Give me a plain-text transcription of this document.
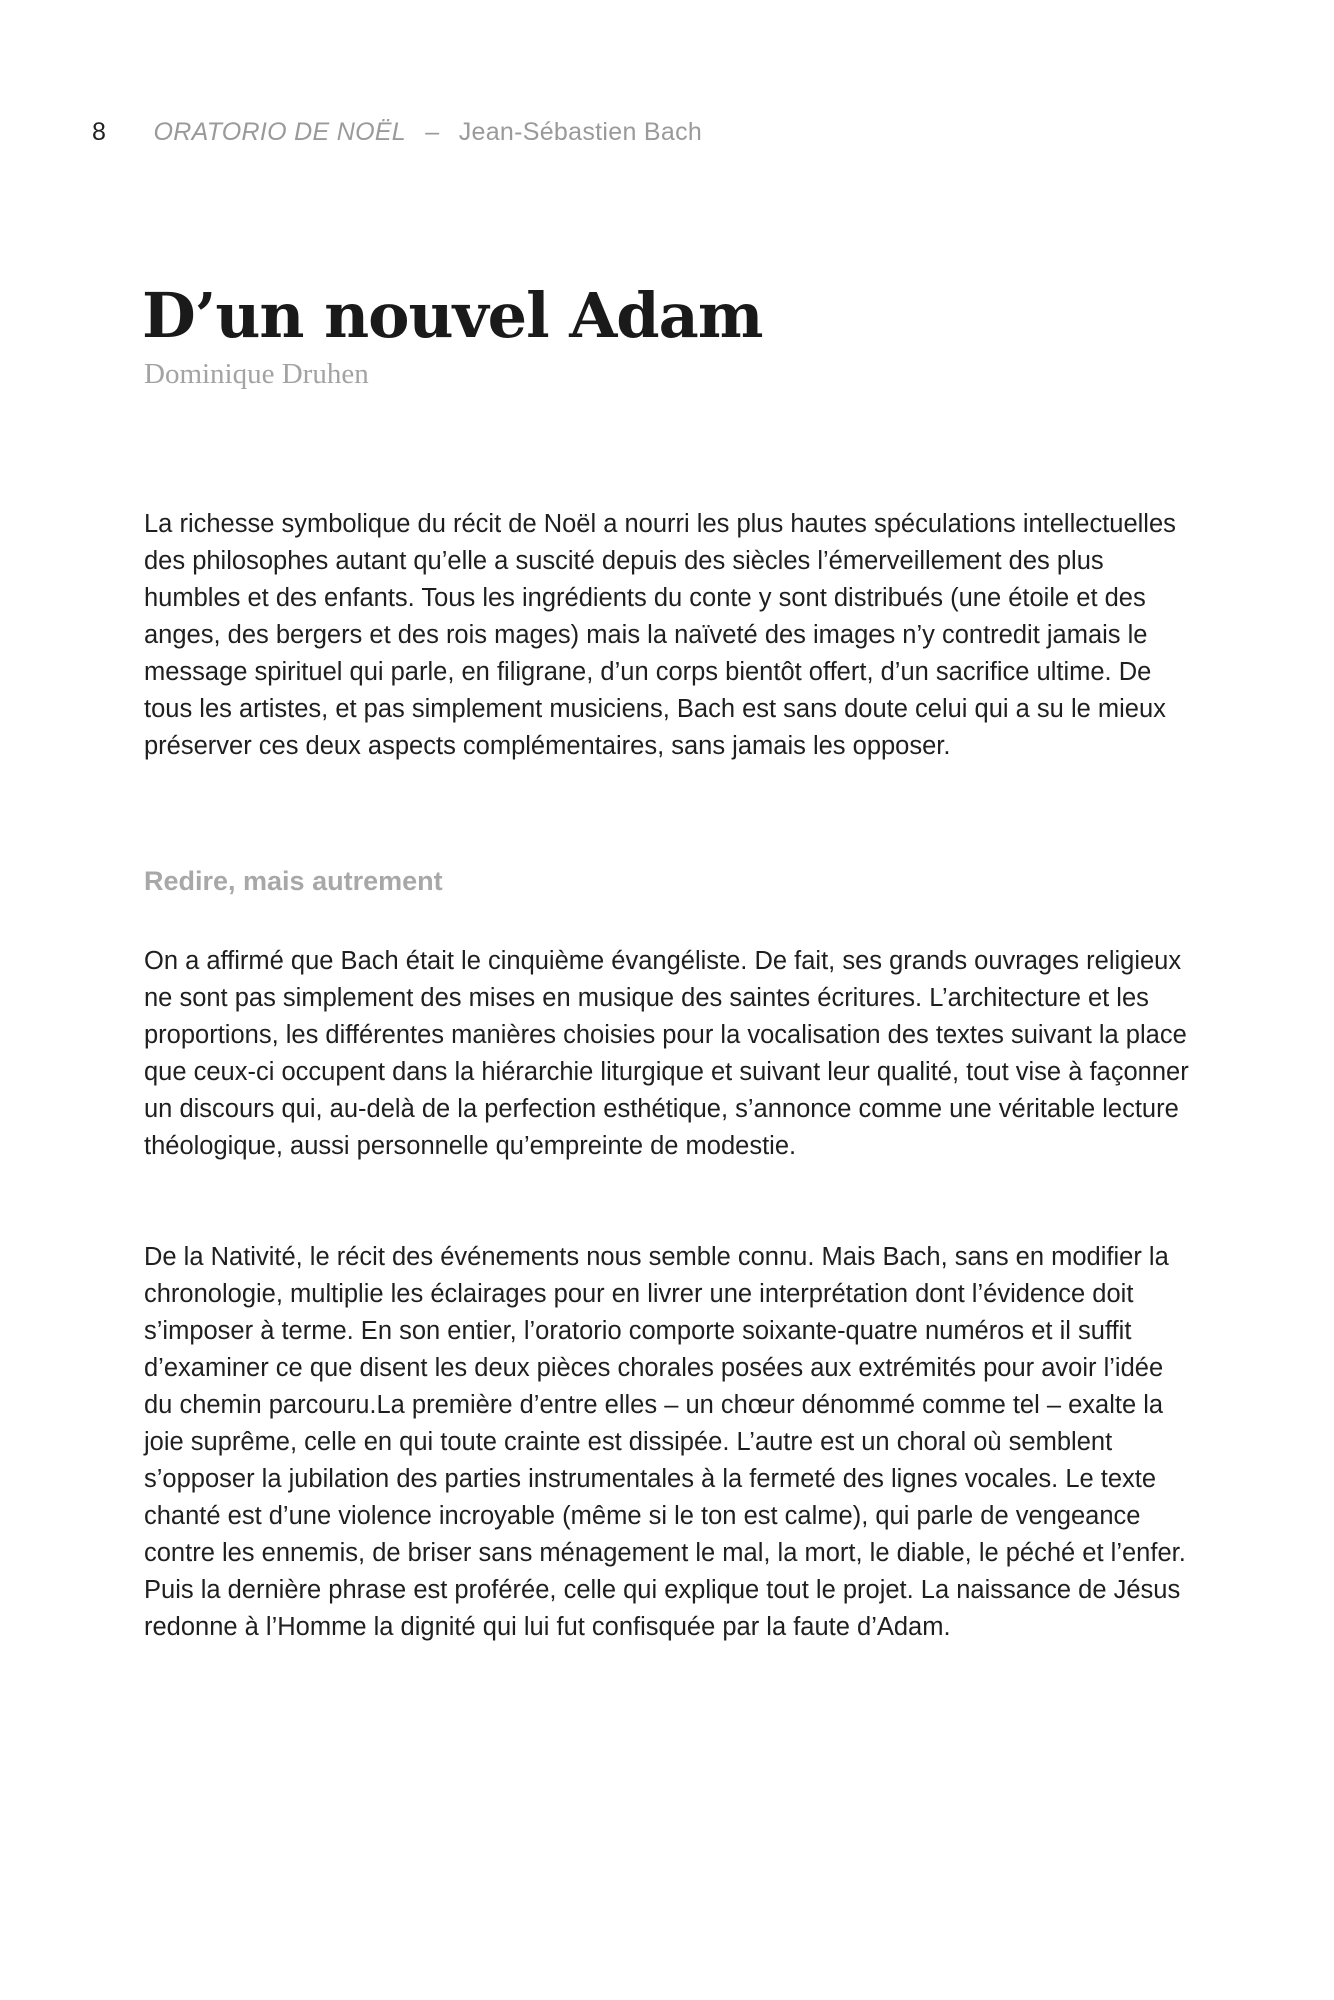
8 ORATORIO DE NOËL – Jean-Sébastien Bach
D’un nouvel Adam
Dominique Druhen

La richesse symbolique du récit de Noël a nourri les plus hautes spéculations intellectuelles des philosophes autant qu’elle a suscité depuis des siècles l’émerveillement des plus humbles et des enfants. Tous les ingrédients du conte y sont distribués (une étoile et des anges, des bergers et des rois mages) mais la naïveté des images n’y contredit jamais le message spirituel qui parle, en filigrane, d’un corps bientôt offert, d’un sacrifice ultime. De tous les artistes, et pas simplement musiciens, Bach est sans doute celui qui a su le mieux préserver ces deux aspects complémentaires, sans jamais les opposer.

Redire, mais autrement

On a affirmé que Bach était le cinquième évangéliste. De fait, ses grands ouvrages religieux ne sont pas simplement des mises en musique des saintes écritures. L’architecture et les proportions, les différentes manières choisies pour la vocalisation des textes suivant la place que ceux-ci occupent dans la hiérarchie liturgique et suivant leur qualité, tout vise à façonner un discours qui, au-delà de la perfection esthétique, s’annonce comme une véritable lecture théologique, aussi personnelle qu’empreinte de modestie.

De la Nativité, le récit des événements nous semble connu. Mais Bach, sans en modifier la chronologie, multiplie les éclairages pour en livrer une interprétation dont l’évidence doit s’imposer à terme. En son entier, l’oratorio comporte soixante-quatre numéros et il suffit d’examiner ce que disent les deux pièces chorales posées aux extrémités pour avoir l’idée du chemin parcouru.La première d’entre elles – un chœur dénommé comme tel – exalte la joie suprême, celle en qui toute crainte est dissipée. L’autre est un choral où semblent s’opposer la jubilation des parties instrumentales à la fermeté des lignes vocales. Le texte chanté est d’une violence incroyable (même si le ton est calme), qui parle de vengeance contre les ennemis, de briser sans ménagement le mal, la mort, le diable, le péché et l’enfer. Puis la dernière phrase est proférée, celle qui explique tout le projet. La naissance de Jésus redonne à l’Homme la dignité qui lui fut confisquée par la faute d’Adam.
